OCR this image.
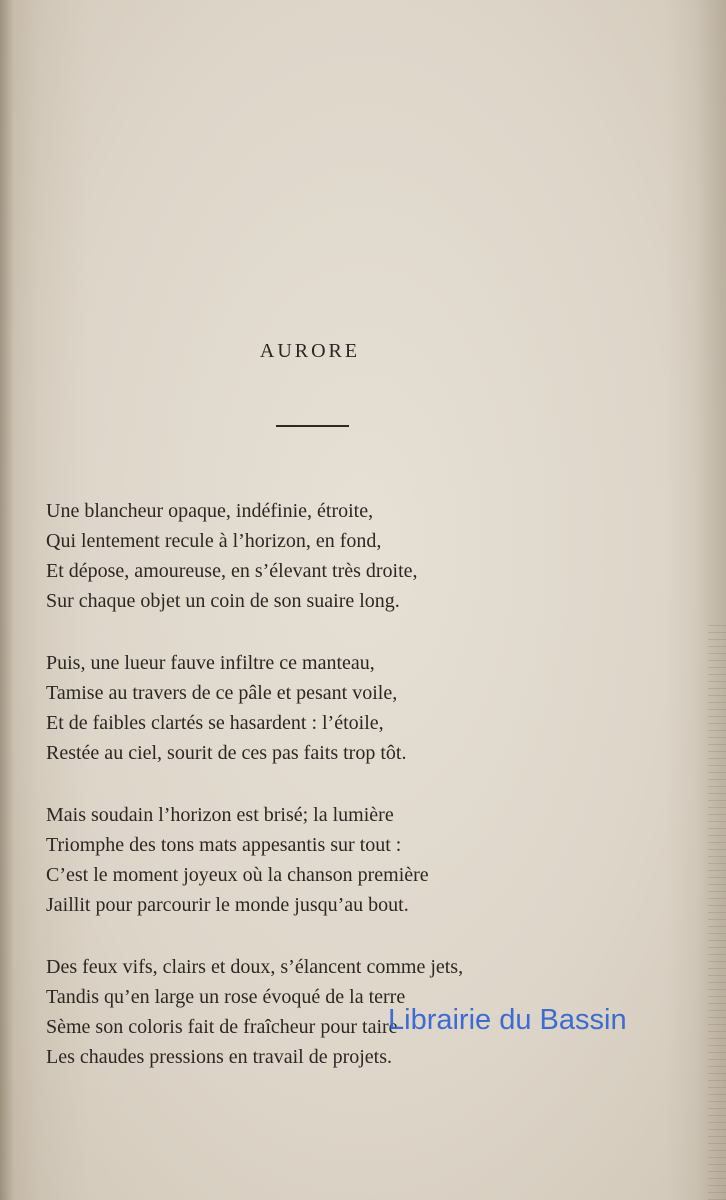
AURORE
Une blancheur opaque, indéfinie, étroite,
Qui lentement recule à l’horizon, en fond,
Et dépose, amoureuse, en s’élevant très droite,
Sur chaque objet un coin de son suaire long.
Puis, une lueur fauve infiltre ce manteau,
Tamise au travers de ce pâle et pesant voile,
Et de faibles clartés se hasardent : l’étoile,
Restée au ciel, sourit de ces pas faits trop tôt.
Mais soudain l’horizon est brisé; la lumière
Triomphe des tons mats appesantis sur tout :
C’est le moment joyeux où la chanson première
Jaillit pour parcourir le monde jusqu’au bout.
Des feux vifs, clairs et doux, s’élancent comme jets,
Tandis qu’en large un rose évoqué de la terre
Sème son coloris fait de fraîcheur pour taire
Les chaudes pressions en travail de projets.
Librairie du Bassin
